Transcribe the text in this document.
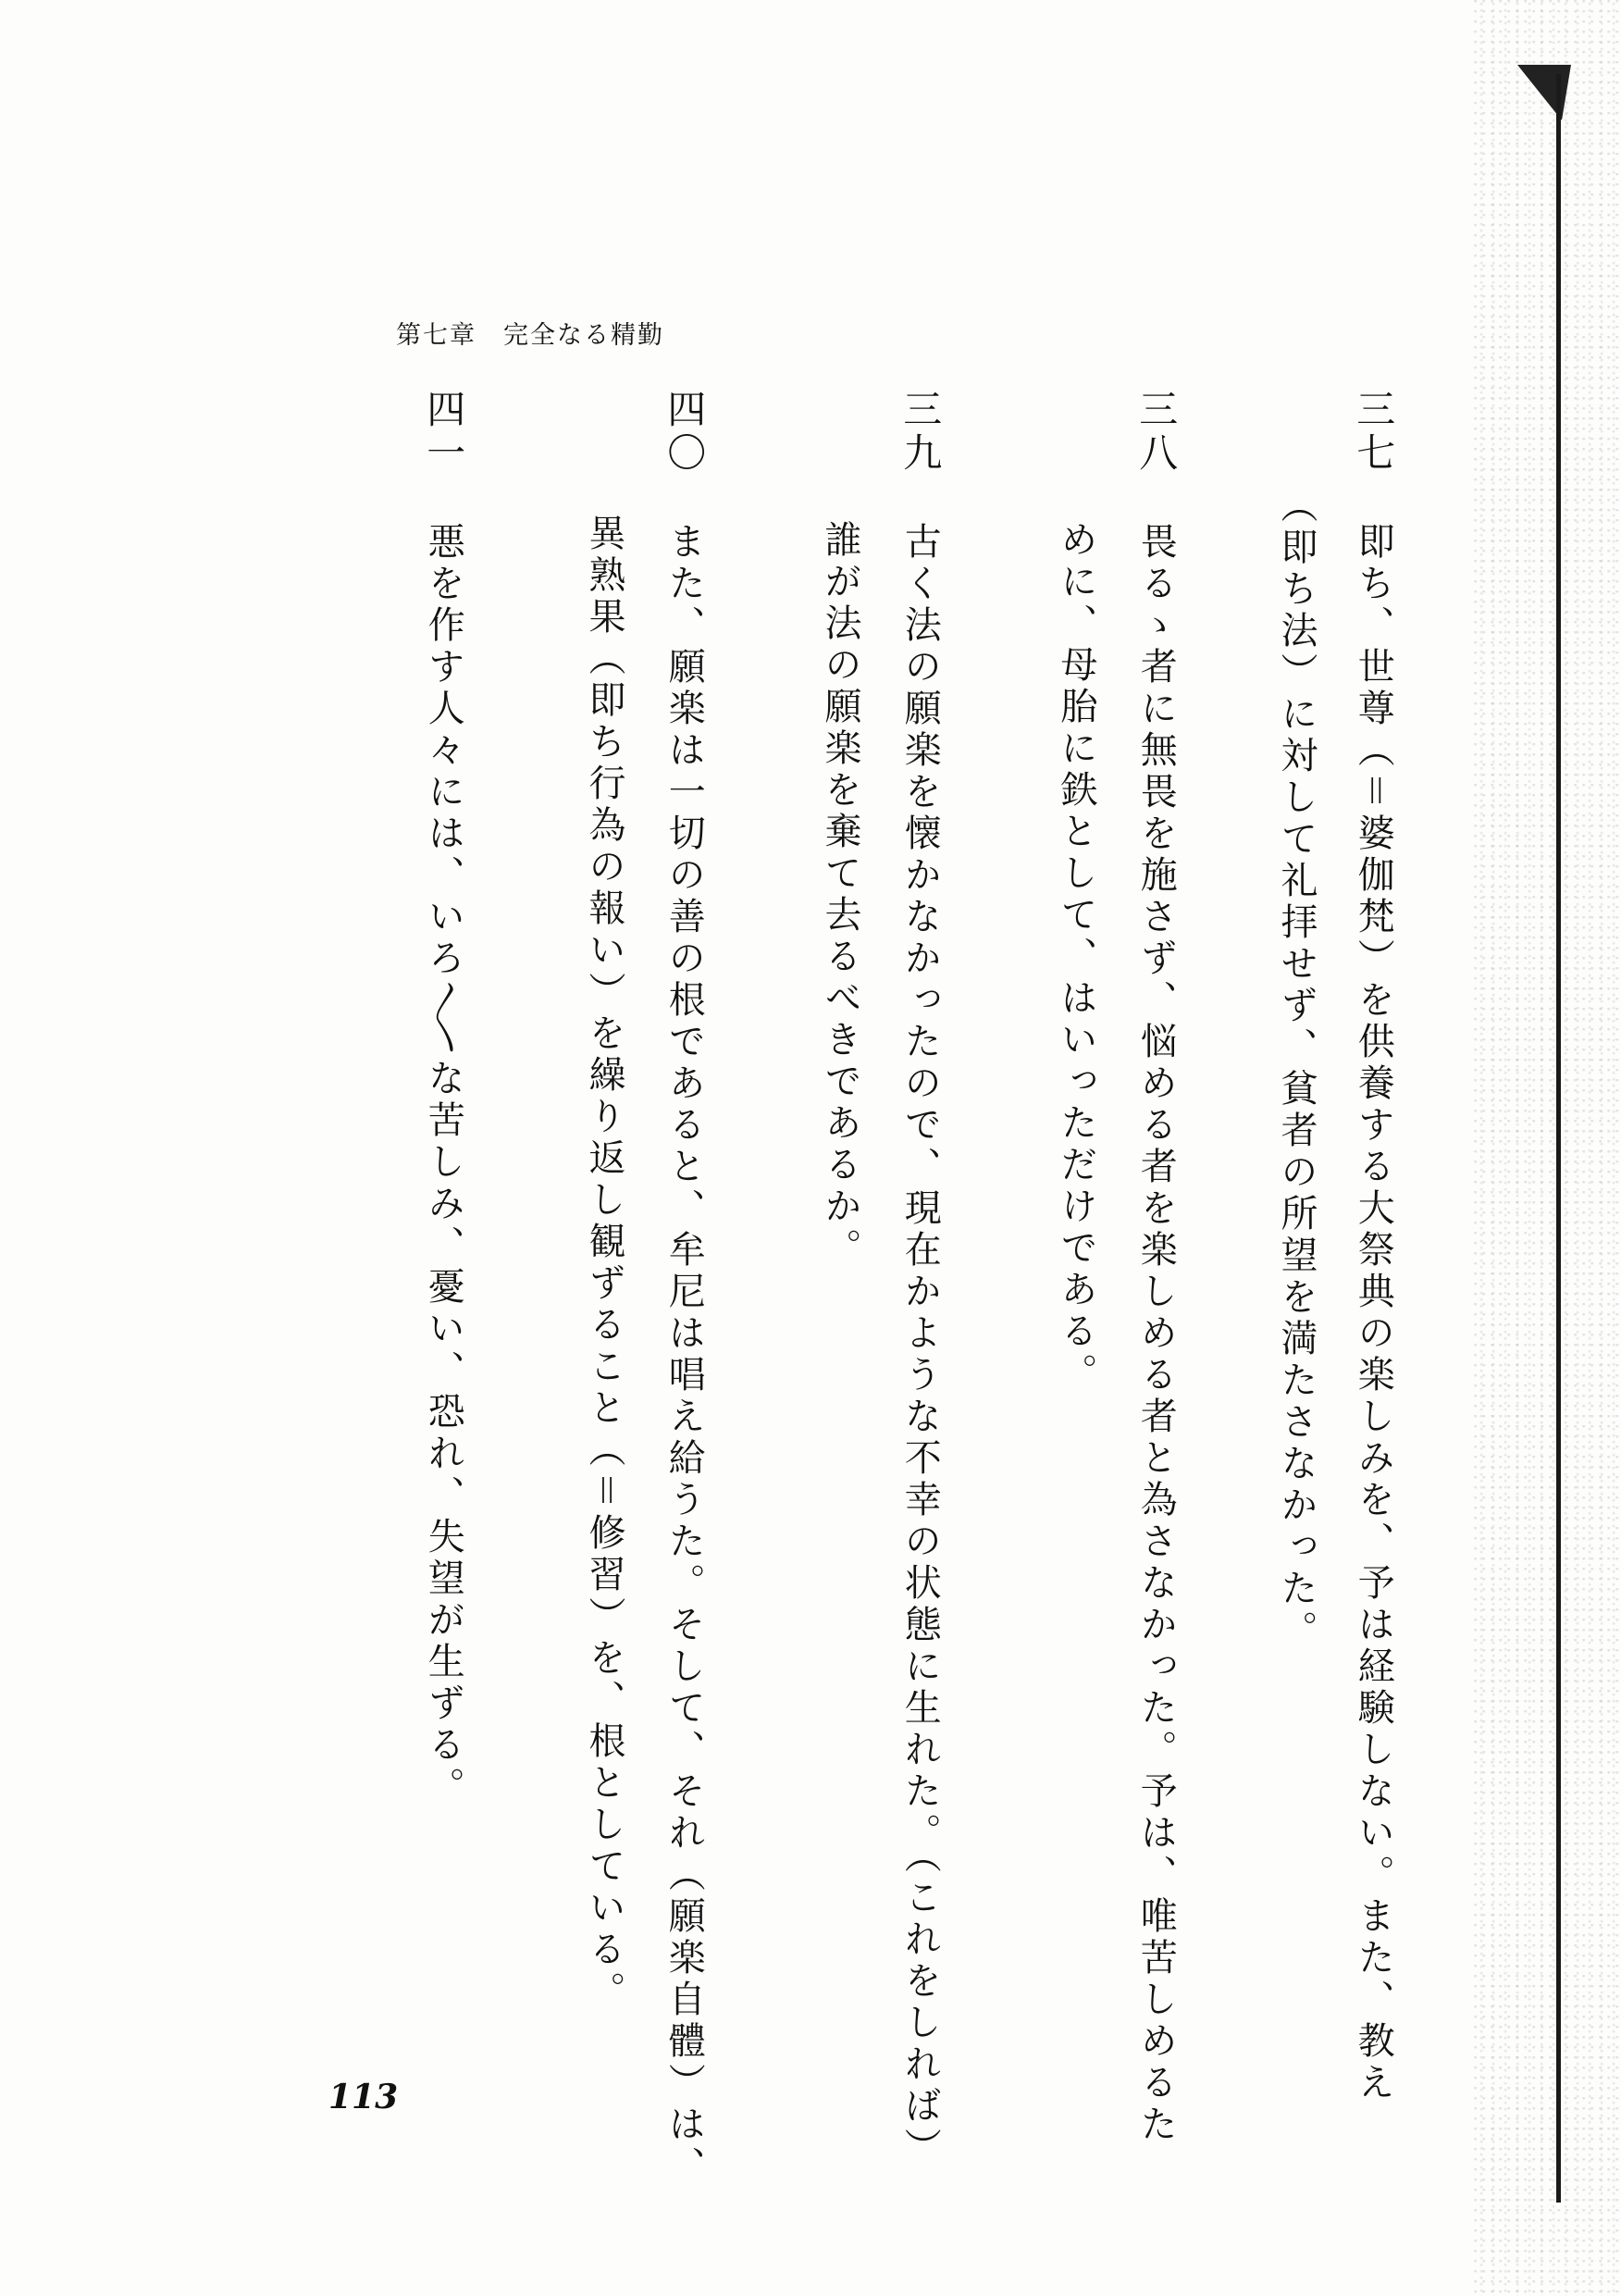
第七章　完全なる精勤
三七即ち、世尊（＝婆伽梵）を供養する大祭典の楽しみを、予は経験しない。また、教え
（即ち法）に対して礼拝せず、貧者の所望を満たさなかった。
三八畏るゝ者に無畏を施さず、悩める者を楽しめる者と為さなかった。予は、唯苦しめるた
めに、母胎に鉄として、はいっただけである。
三九古く法の願楽を懐かなかったので、現在かような不幸の状態に生れた。（これをしれば）
誰が法の願楽を棄て去るべきであるか。
四〇また、願楽は一切の善の根であると、牟尼は唱え給うた。そして、それ（願楽自體）は、
異熟果（即ち行為の報い）を繰り返し観ずること（＝修習）を、根としている。
四一悪を作す人々には、いろ〳〵な苦しみ、憂い、恐れ、失望が生ずる。
113
